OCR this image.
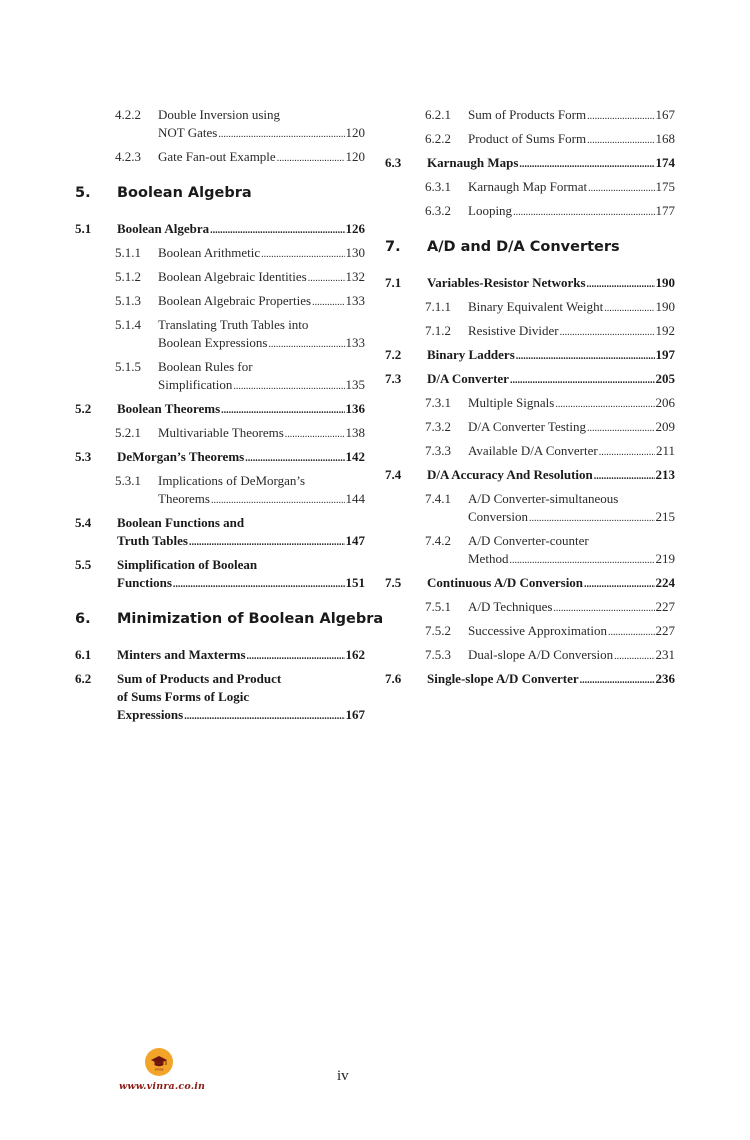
4.2.2 Double Inversion using
NOT Gates .....	120
4.2.3 Gate Fan-out Example .....	120
5. Boolean Algebra
5.1 Boolean Algebra .....	126
5.1.1 Boolean Arithmetic .....	130
5.1.2 Boolean Algebraic Identities .....	132
5.1.3 Boolean Algebraic Properties .....	133
5.1.4 Translating Truth Tables into
Boolean Expressions .....	133
5.1.5 Boolean Rules for
Simplification .....	135
5.2 Boolean Theorems .....	136
5.2.1 Multivariable Theorems .....	138
5.3 DeMorgan’s Theorems .....	142
5.3.1 Implications of DeMorgan’s
Theorems .....	144
5.4 Boolean Functions and
Truth Tables .....	147
5.5 Simplification of Boolean
Functions .....	151
6. Minimization of Boolean Algebra
6.1 Minters and Maxterms .....	162
6.2 Sum of Products and Product
of Sums Forms of Logic
Expressions .....	167
6.2.1 Sum of Products Form .....	167
6.2.2 Product of Sums Form .....	168
6.3 Karnaugh Maps .....	174
6.3.1 Karnaugh Map Format .....	175
6.3.2 Looping .....	177
7. A/D and D/A Converters
7.1 Variables-Resistor Networks .....	190
7.1.1 Binary Equivalent Weight .....	190
7.1.2 Resistive Divider .....	192
7.2 Binary Ladders .....	197
7.3 D/A Converter .....	205
7.3.1 Multiple Signals .....	206
7.3.2 D/A Converter Testing .....	209
7.3.3 Available D/A Converter .....	211
7.4 D/A Accuracy And Resolution .....	213
7.4.1 A/D Converter-simultaneous
Conversion .....	215
7.4.2 A/D Converter-counter
Method .....	219
7.5 Continuous A/D Conversion .....	224
7.5.1 A/D Techniques .....	227
7.5.2 Successive Approximation .....	227
7.5.3 Dual-slope A/D Conversion .....	231
7.6 Single-slope A/D Converter .....	236
vinra
www.vinra.co.in
iv
